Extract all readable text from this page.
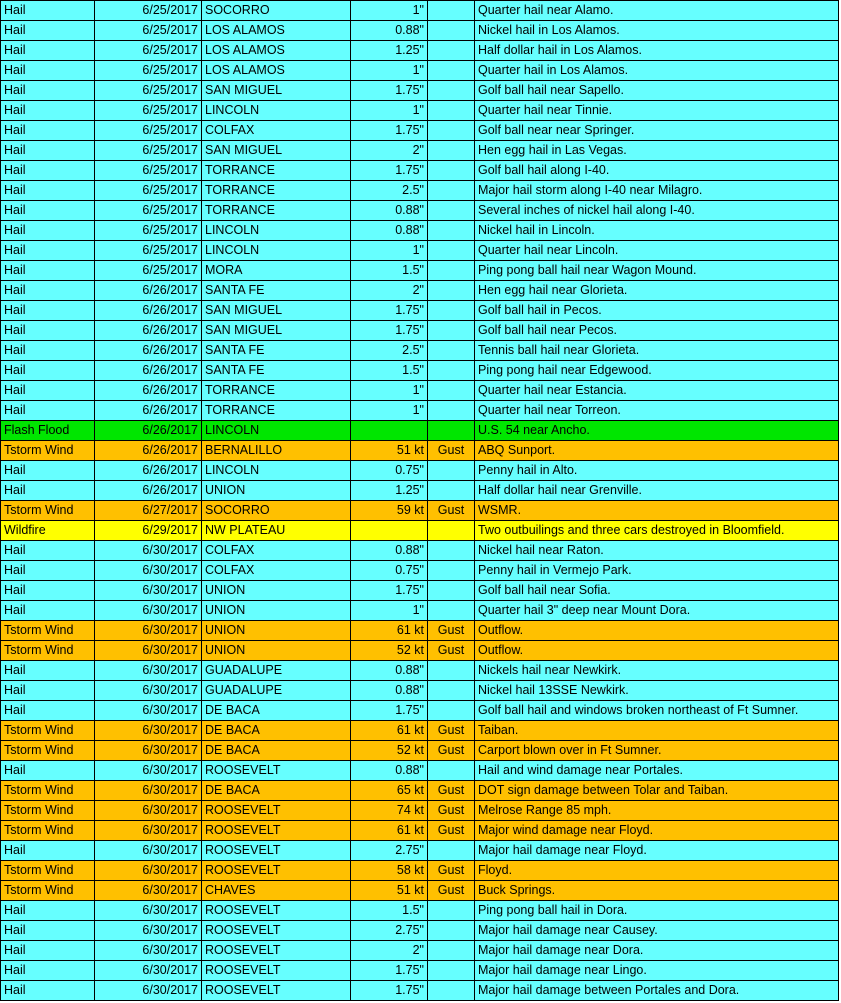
Hail	6/25/2017	SOCORRO	1"		Quarter hail near Alamo.
Hail	6/25/2017	LOS ALAMOS	0.88"		Nickel hail in Los Alamos.
Hail	6/25/2017	LOS ALAMOS	1.25"		Half dollar hail in Los Alamos.
Hail	6/25/2017	LOS ALAMOS	1"		Quarter hail in Los Alamos.
Hail	6/25/2017	SAN MIGUEL	1.75"		Golf ball hail near Sapello.
Hail	6/25/2017	LINCOLN	1"		Quarter hail near Tinnie.
Hail	6/25/2017	COLFAX	1.75"		Golf ball near near Springer.
Hail	6/25/2017	SAN MIGUEL	2"		Hen egg hail in Las Vegas.
Hail	6/25/2017	TORRANCE	1.75"		Golf ball hail along I-40.
Hail	6/25/2017	TORRANCE	2.5"		Major hail storm along I-40 near Milagro.
Hail	6/25/2017	TORRANCE	0.88"		Several inches of nickel hail along I-40.
Hail	6/25/2017	LINCOLN	0.88"		Nickel hail in Lincoln.
Hail	6/25/2017	LINCOLN	1"		Quarter hail near Lincoln.
Hail	6/25/2017	MORA	1.5"		Ping pong ball hail near Wagon Mound.
Hail	6/26/2017	SANTA FE	2"		Hen egg hail near Glorieta.
Hail	6/26/2017	SAN MIGUEL	1.75"		Golf ball hail in Pecos.
Hail	6/26/2017	SAN MIGUEL	1.75"		Golf ball hail near Pecos.
Hail	6/26/2017	SANTA FE	2.5"		Tennis ball hail near Glorieta.
Hail	6/26/2017	SANTA FE	1.5"		Ping pong hail near Edgewood.
Hail	6/26/2017	TORRANCE	1"		Quarter hail near Estancia.
Hail	6/26/2017	TORRANCE	1"		Quarter hail near Torreon.
Flash Flood	6/26/2017	LINCOLN			U.S. 54 near Ancho.
Tstorm Wind	6/26/2017	BERNALILLO	51 kt	Gust	ABQ Sunport.
Hail	6/26/2017	LINCOLN	0.75"		Penny hail in Alto.
Hail	6/26/2017	UNION	1.25"		Half dollar hail near Grenville.
Tstorm Wind	6/27/2017	SOCORRO	59 kt	Gust	WSMR.
Wildfire	6/29/2017	NW PLATEAU			Two outbuilings and three cars destroyed in Bloomfield.
Hail	6/30/2017	COLFAX	0.88"		Nickel hail near Raton.
Hail	6/30/2017	COLFAX	0.75"		Penny hail in Vermejo Park.
Hail	6/30/2017	UNION	1.75"		Golf ball hail near Sofia.
Hail	6/30/2017	UNION	1"		Quarter hail 3" deep near Mount Dora.
Tstorm Wind	6/30/2017	UNION	61 kt	Gust	Outflow.
Tstorm Wind	6/30/2017	UNION	52 kt	Gust	Outflow.
Hail	6/30/2017	GUADALUPE	0.88"		Nickels hail near Newkirk.
Hail	6/30/2017	GUADALUPE	0.88"		Nickel hail 13SSE Newkirk.
Hail	6/30/2017	DE BACA	1.75"		Golf ball hail and windows broken northeast of Ft Sumner.
Tstorm Wind	6/30/2017	DE BACA	61 kt	Gust	Taiban.
Tstorm Wind	6/30/2017	DE BACA	52 kt	Gust	Carport blown over in Ft Sumner.
Hail	6/30/2017	ROOSEVELT	0.88"		Hail and wind damage near Portales.
Tstorm Wind	6/30/2017	DE BACA	65 kt	Gust	DOT sign damage between Tolar and Taiban.
Tstorm Wind	6/30/2017	ROOSEVELT	74 kt	Gust	Melrose Range 85 mph.
Tstorm Wind	6/30/2017	ROOSEVELT	61 kt	Gust	Major wind damage near Floyd.
Hail	6/30/2017	ROOSEVELT	2.75"		Major hail damage near Floyd.
Tstorm Wind	6/30/2017	ROOSEVELT	58 kt	Gust	Floyd.
Tstorm Wind	6/30/2017	CHAVES	51 kt	Gust	Buck Springs.
Hail	6/30/2017	ROOSEVELT	1.5"		Ping pong ball hail in Dora.
Hail	6/30/2017	ROOSEVELT	2.75"		Major hail damage near Causey.
Hail	6/30/2017	ROOSEVELT	2"		Major hail damage near Dora.
Hail	6/30/2017	ROOSEVELT	1.75"		Major hail damage near Lingo.
Hail	6/30/2017	ROOSEVELT	1.75"		Major hail damage between Portales and Dora.
